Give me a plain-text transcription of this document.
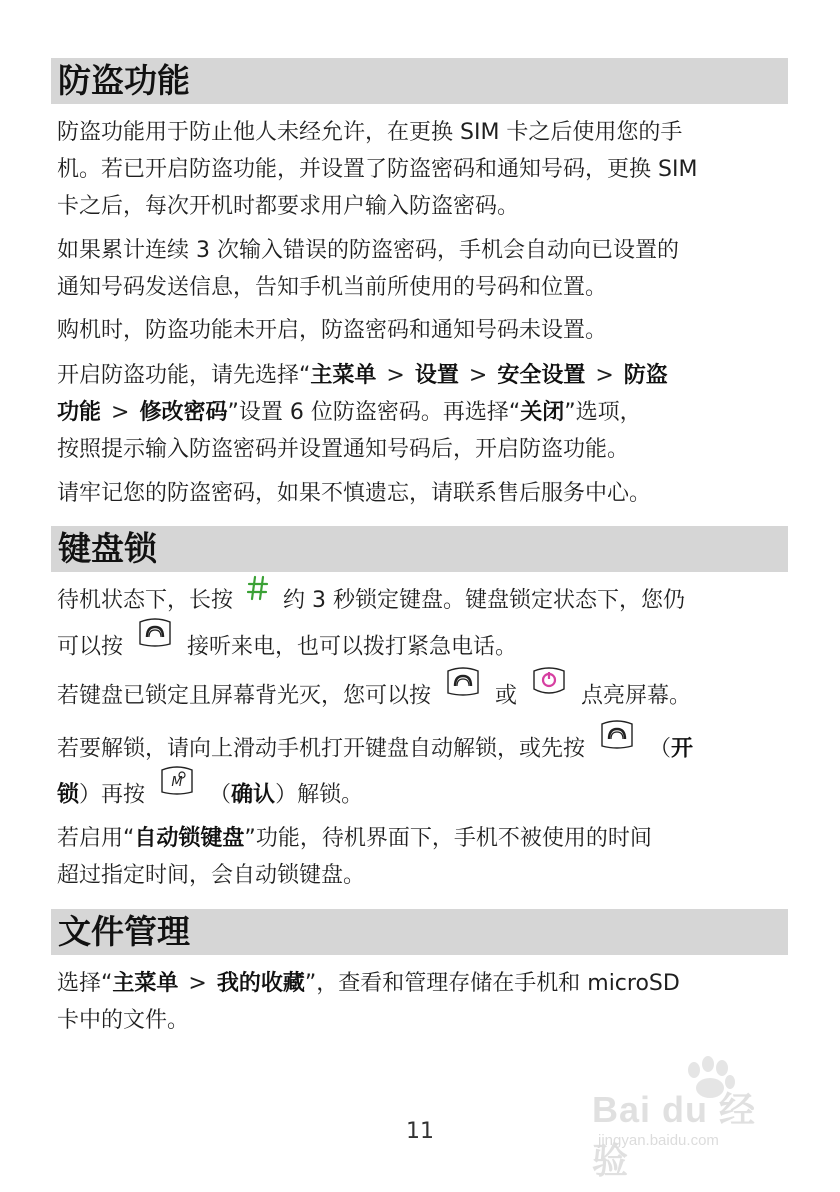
防盗功能
防盗功能用于防止他人未经允许，在更换 SIM 卡之后使用您的手
机。若已开启防盗功能，并设置了防盗密码和通知号码，更换 SIM
卡之后，每次开机时都要求用户输入防盗密码。
如果累计连续 3 次输入错误的防盗密码，手机会自动向已设置的
通知号码发送信息，告知手机当前所使用的号码和位置。
购机时，防盗功能未开启，防盗密码和通知号码未设置。
开启防盗功能，请先选择“主菜单 > 设置 > 安全设置 > 防盗
功能 > 修改密码”设置 6 位防盗密码。再选择“关闭”选项，
按照提示输入防盗密码并设置通知号码后，开启防盗功能。
请牢记您的防盗密码，如果不慎遗忘，请联系售后服务中心。
键盘锁
待机状态下，长按 约 3 秒锁定键盘。键盘锁定状态下，您仍
可以按	接听来电，也可以拨打紧急电话。
若键盘已锁定且屏幕背光灭，您可以按	或	点亮屏幕。
若要解锁，请向上滑动手机打开键盘自动解锁，或先按	（开
锁）再按 M （确认）解锁。
若启用“自动锁键盘”功能，待机界面下，手机不被使用的时间
超过指定时间，会自动锁键盘。
文件管理
选择“主菜单 > 我的收藏”，查看和管理存储在手机和 microSD
卡中的文件。
11
Bai du 经验
jingyan.baidu.com
